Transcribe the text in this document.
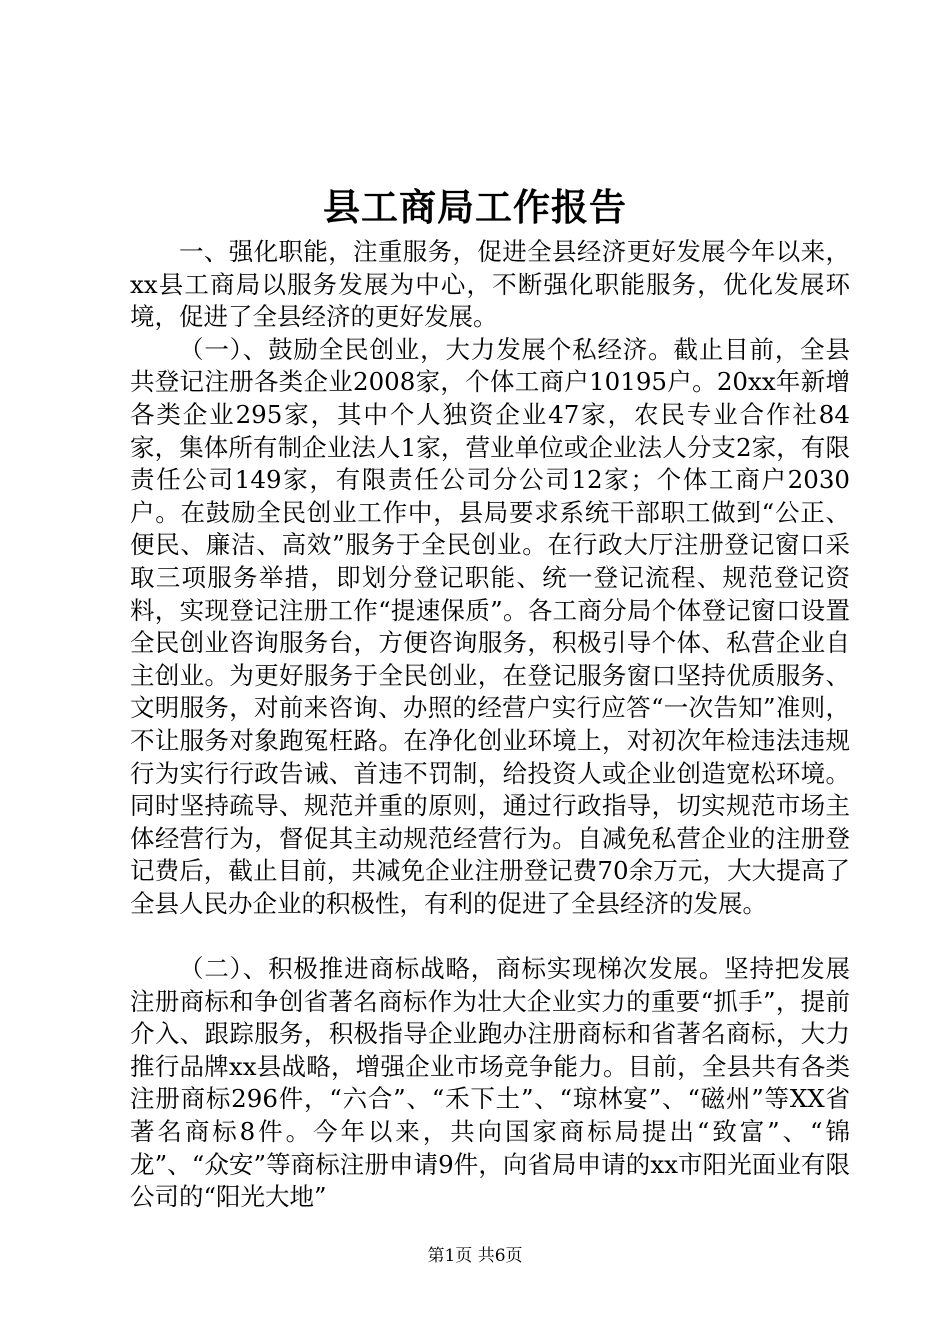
县工商局工作报告

一、强化职能，注重服务，促进全县经济更好发展今年以来，xx县工商局以服务发展为中心，不断强化职能服务，优化发展环境，促进了全县经济的更好发展。

（一）、鼓励全民创业，大力发展个私经济。截止目前，全县共登记注册各类企业2008家，个体工商户10195户。20xx年新增各类企业295家，其中个人独资企业47家，农民专业合作社84家，集体所有制企业法人1家，营业单位或企业法人分支2家，有限责任公司149家，有限责任公司分公司12家；个体工商户2030户。在鼓励全民创业工作中，县局要求系统干部职工做到“公正、便民、廉洁、高效”服务于全民创业。在行政大厅注册登记窗口采取三项服务举措，即划分登记职能、统一登记流程、规范登记资料，实现登记注册工作“提速保质”。各工商分局个体登记窗口设置全民创业咨询服务台，方便咨询服务，积极引导个体、私营企业自主创业。为更好服务于全民创业，在登记服务窗口坚持优质服务、文明服务，对前来咨询、办照的经营户实行应答“一次告知”准则，不让服务对象跑冤枉路。在净化创业环境上，对初次年检违法违规行为实行行政告诫、首违不罚制，给投资人或企业创造宽松环境。同时坚持疏导、规范并重的原则，通过行政指导，切实规范市场主体经营行为，督促其主动规范经营行为。自减免私营企业的注册登记费后，截止目前，共减免企业注册登记费70余万元，大大提高了全县人民办企业的积极性，有利的促进了全县经济的发展。

（二）、积极推进商标战略，商标实现梯次发展。坚持把发展注册商标和争创省著名商标作为壮大企业实力的重要“抓手”，提前介入、跟踪服务，积极指导企业跑办注册商标和省著名商标，大力推行品牌xx县战略，增强企业市场竞争能力。目前，全县共有各类注册商标296件，“六合”、“禾下土”、“琼林宴”、“磁州”等XX省著名商标8件。今年以来，共向国家商标局提出“致富”、“锦龙”、“众安”等商标注册申请9件，向省局申请的xx市阳光面业有限公司的“阳光大地”

第1页 共6页
